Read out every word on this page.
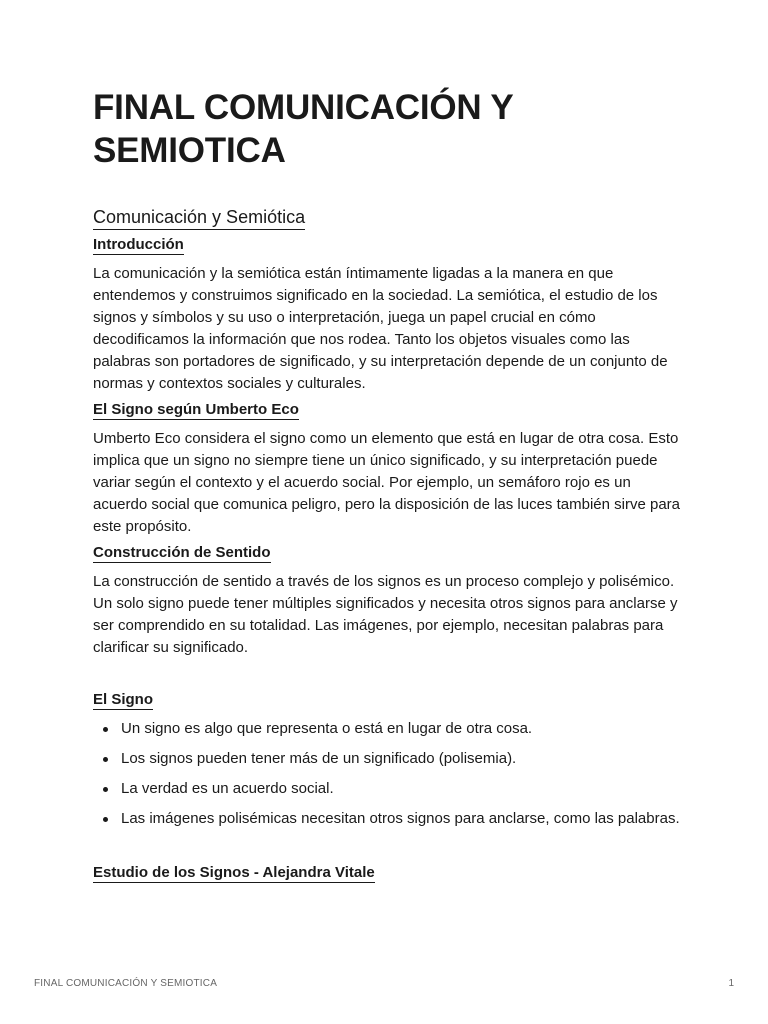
FINAL COMUNICACIÓN Y
SEMIOTICA
Comunicación y Semiótica
Introducción

La comunicación y la semiótica están íntimamente ligadas a la manera en que entendemos y construimos significado en la sociedad. La semiótica, el estudio de los signos y símbolos y su uso o interpretación, juega un papel crucial en cómo decodificamos la información que nos rodea. Tanto los objetos visuales como las palabras son portadores de significado, y su interpretación depende de un conjunto de normas y contextos sociales y culturales.

El Signo según Umberto Eco

Umberto Eco considera el signo como un elemento que está en lugar de otra cosa. Esto implica que un signo no siempre tiene un único significado, y su interpretación puede variar según el contexto y el acuerdo social. Por ejemplo, un semáforo rojo es un acuerdo social que comunica peligro, pero la disposición de las luces también sirve para este propósito.

Construcción de Sentido

La construcción de sentido a través de los signos es un proceso complejo y polisémico. Un solo signo puede tener múltiples significados y necesita otros signos para anclarse y ser comprendido en su totalidad. Las imágenes, por ejemplo, necesitan palabras para clarificar su significado.

El Signo
Un signo es algo que representa o está en lugar de otra cosa.
Los signos pueden tener más de un significado (polisemia).
La verdad es un acuerdo social.
Las imágenes polisémicas necesitan otros signos para anclarse, como las palabras.
Estudio de los Signos - Alejandra Vitale
FINAL COMUNICACIÓN Y SEMIOTICA	1
